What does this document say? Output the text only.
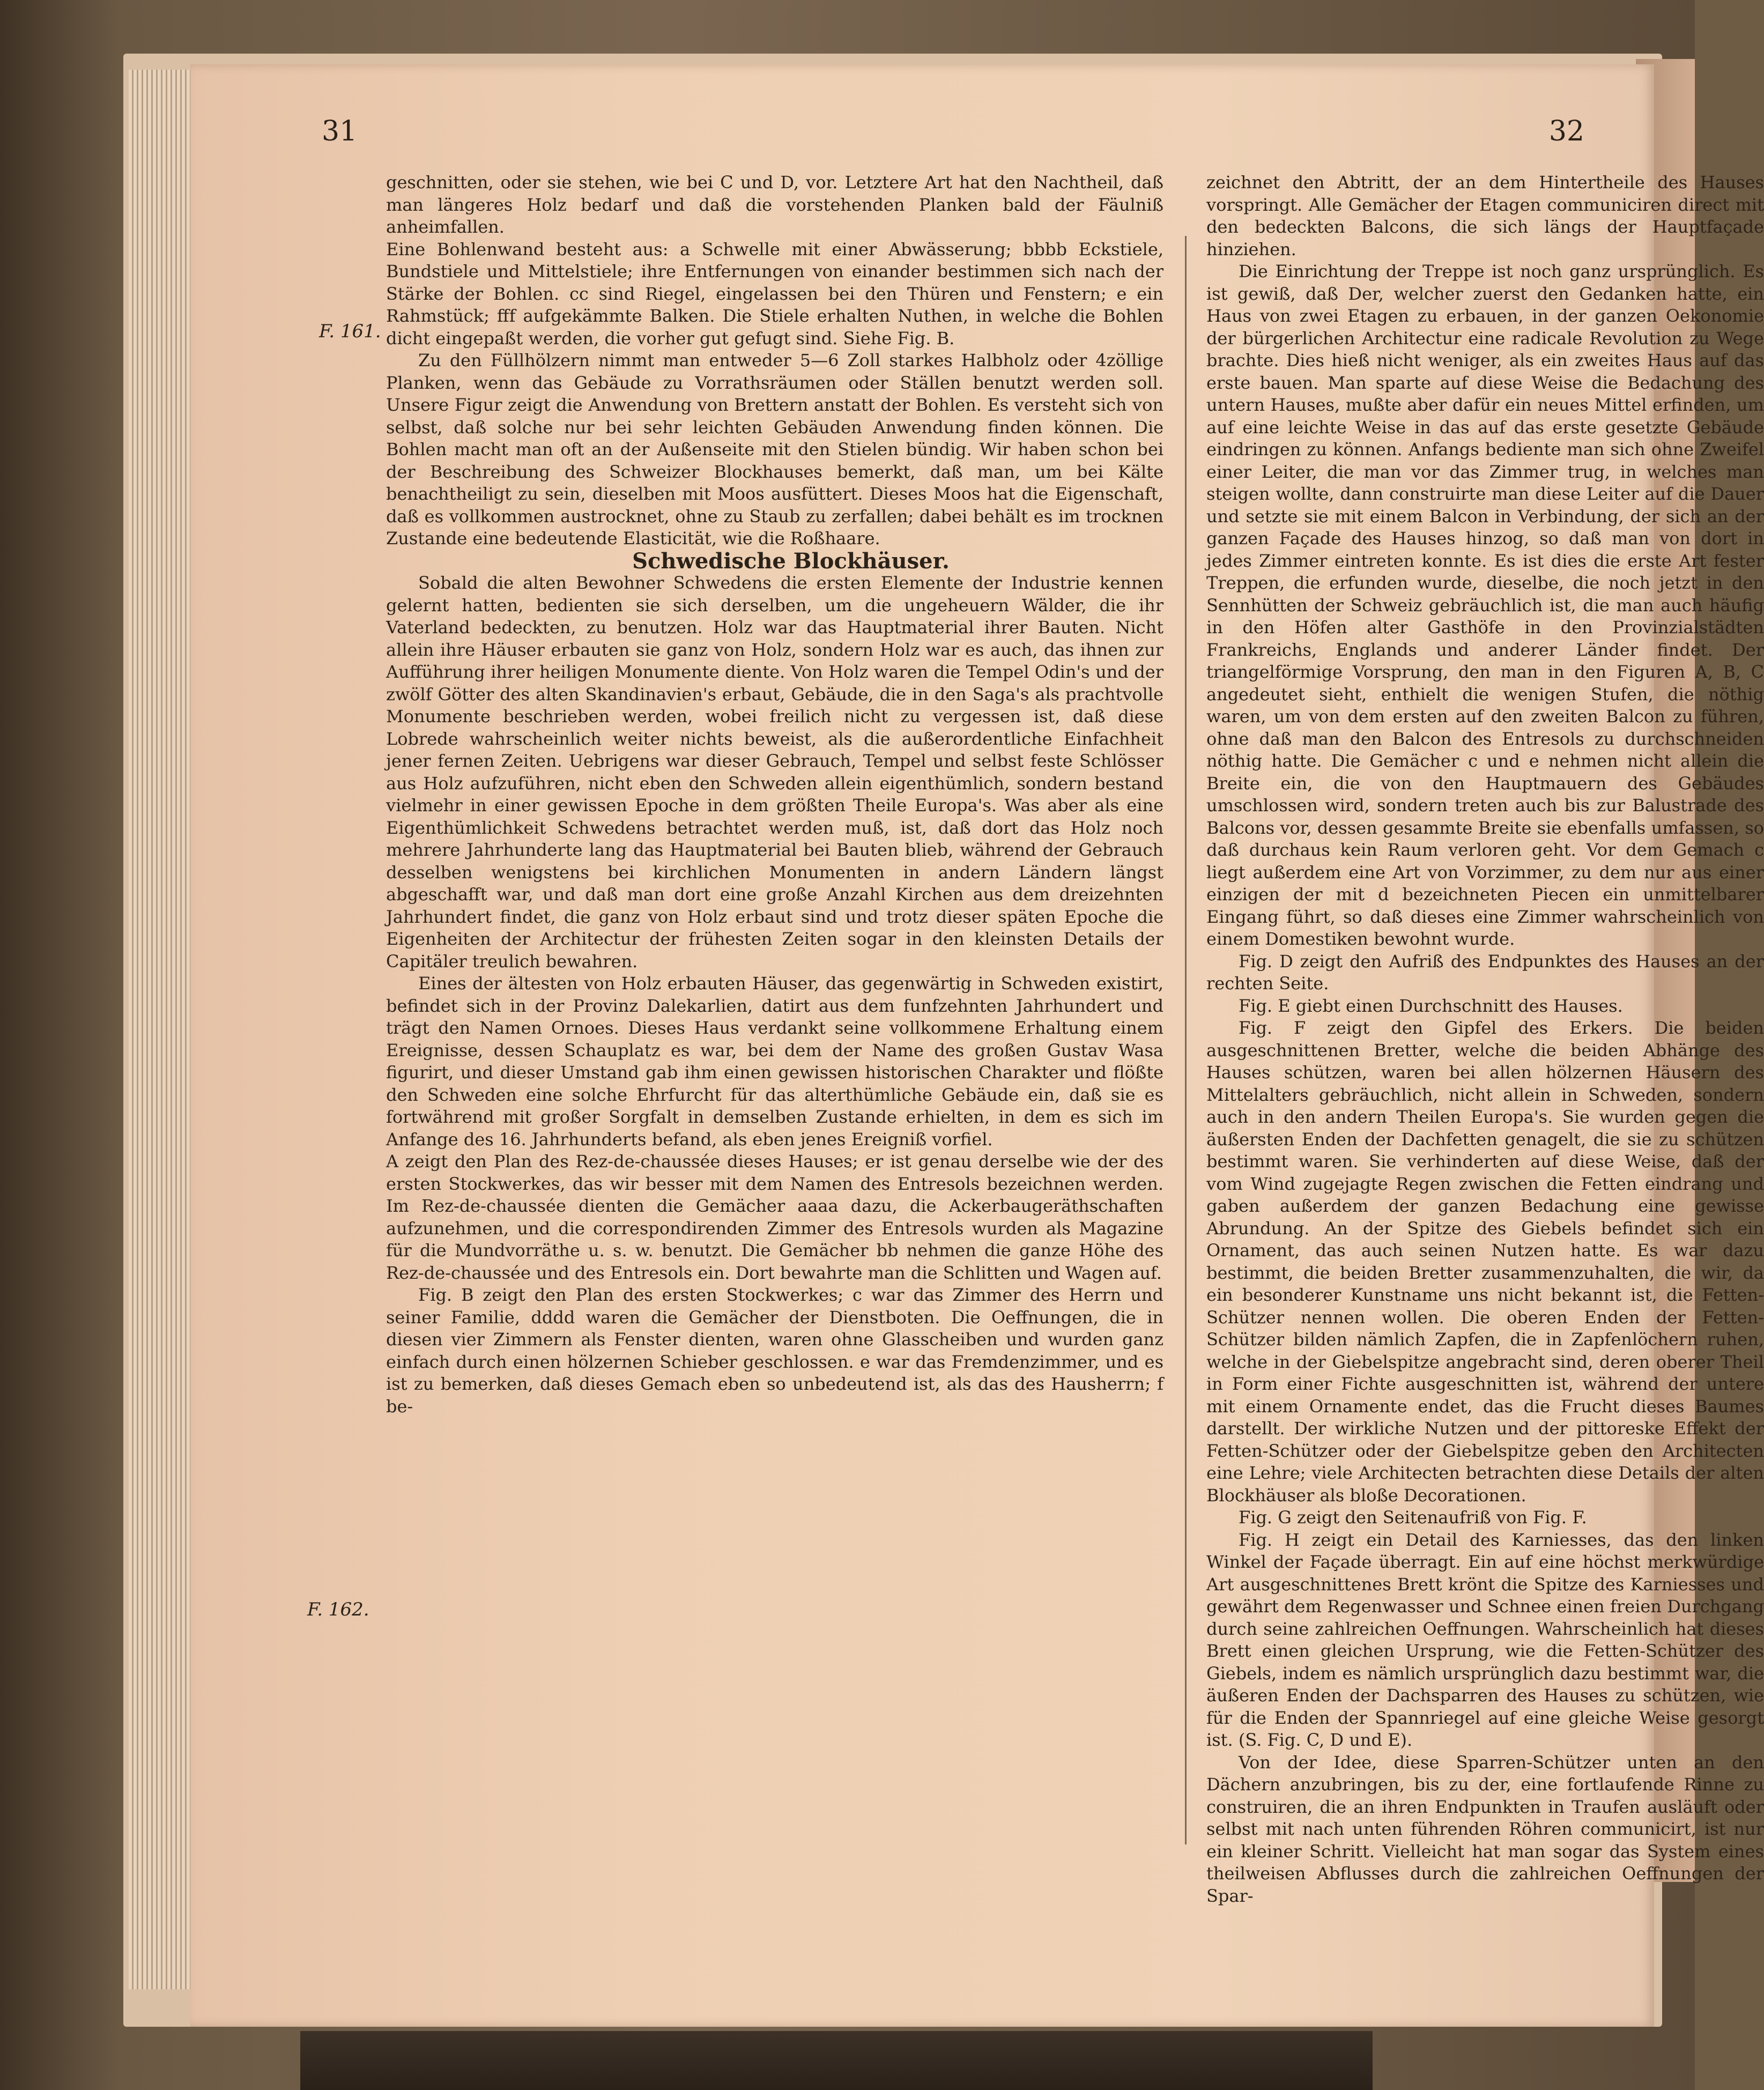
31	32
F. 161.
F. 162.

geschnitten, oder sie stehen, wie bei C und D, vor. Letztere Art hat den Nachtheil, daß man längeres Holz bedarf und daß die vorstehenden Planken bald der Fäulniß anheimfallen.

Eine Bohlenwand besteht aus: a Schwelle mit einer Abwässerung; bbbb Eckstiele, Bundstiele und Mittelstiele; ihre Entfernungen von einander bestimmen sich nach der Stärke der Bohlen. cc sind Riegel, eingelassen bei den Thüren und Fenstern; e ein Rahmstück; fff aufgekämmte Balken. Die Stiele erhalten Nuthen, in welche die Bohlen dicht eingepaßt werden, die vorher gut gefugt sind. Siehe Fig. B.

Zu den Füllhölzern nimmt man entweder 5—6 Zoll starkes Halbholz oder 4zöllige Planken, wenn das Gebäude zu Vorrathsräumen oder Ställen benutzt werden soll. Unsere Figur zeigt die Anwendung von Brettern anstatt der Bohlen. Es versteht sich von selbst, daß solche nur bei sehr leichten Gebäuden Anwendung finden können. Die Bohlen macht man oft an der Außenseite mit den Stielen bündig. Wir haben schon bei der Beschreibung des Schweizer Blockhauses bemerkt, daß man, um bei Kälte benachtheiligt zu sein, dieselben mit Moos ausfüttert. Dieses Moos hat die Eigenschaft, daß es vollkommen austrocknet, ohne zu Staub zu zerfallen; dabei behält es im trocknen Zustande eine bedeutende Elasticität, wie die Roßhaare.

Schwedische Blockhäuser.

Sobald die alten Bewohner Schwedens die ersten Elemente der Industrie kennen gelernt hatten, bedienten sie sich derselben, um die ungeheuern Wälder, die ihr Vaterland bedeckten, zu benutzen. Holz war das Hauptmaterial ihrer Bauten. Nicht allein ihre Häuser erbauten sie ganz von Holz, sondern Holz war es auch, das ihnen zur Aufführung ihrer heiligen Monumente diente. Von Holz waren die Tempel Odin's und der zwölf Götter des alten Skandinavien's erbaut, Gebäude, die in den Saga's als prachtvolle Monumente beschrieben werden, wobei freilich nicht zu vergessen ist, daß diese Lobrede wahrscheinlich weiter nichts beweist, als die außerordentliche Einfachheit jener fernen Zeiten. Uebrigens war dieser Gebrauch, Tempel und selbst feste Schlösser aus Holz aufzuführen, nicht eben den Schweden allein eigenthümlich, sondern bestand vielmehr in einer gewissen Epoche in dem größten Theile Europa's. Was aber als eine Eigenthümlichkeit Schwedens betrachtet werden muß, ist, daß dort das Holz noch mehrere Jahrhunderte lang das Hauptmaterial bei Bauten blieb, während der Gebrauch desselben wenigstens bei kirchlichen Monumenten in andern Ländern längst abgeschafft war, und daß man dort eine große Anzahl Kirchen aus dem dreizehnten Jahrhundert findet, die ganz von Holz erbaut sind und trotz dieser späten Epoche die Eigenheiten der Architectur der frühesten Zeiten sogar in den kleinsten Details der Capitäler treulich bewahren.

Eines der ältesten von Holz erbauten Häuser, das gegenwärtig in Schweden existirt, befindet sich in der Provinz Dalekarlien, datirt aus dem funfzehnten Jahrhundert und trägt den Namen Ornoes. Dieses Haus verdankt seine vollkommene Erhaltung einem Ereignisse, dessen Schauplatz es war, bei dem der Name des großen Gustav Wasa figurirt, und dieser Umstand gab ihm einen gewissen historischen Charakter und flößte den Schweden eine solche Ehrfurcht für das alterthümliche Gebäude ein, daß sie es fortwährend mit großer Sorgfalt in demselben Zustande erhielten, in dem es sich im Anfange des 16. Jahrhunderts befand, als eben jenes Ereigniß vorfiel.

A zeigt den Plan des Rez-de-chaussée dieses Hauses; er ist genau derselbe wie der des ersten Stockwerkes, das wir besser mit dem Namen des Entresols bezeichnen werden. Im Rez-de-chaussée dienten die Gemächer aaaa dazu, die Ackerbaugeräthschaften aufzunehmen, und die correspondirenden Zimmer des Entresols wurden als Magazine für die Mundvorräthe u. s. w. benutzt. Die Gemächer bb nehmen die ganze Höhe des Rez-de-chaussée und des Entresols ein. Dort bewahrte man die Schlitten und Wagen auf.

Fig. B zeigt den Plan des ersten Stockwerkes; c war das Zimmer des Herrn und seiner Familie, dddd waren die Gemächer der Dienstboten. Die Oeffnungen, die in diesen vier Zimmern als Fenster dienten, waren ohne Glasscheiben und wurden ganz einfach durch einen hölzernen Schieber geschlossen. e war das Fremdenzimmer, und es ist zu bemerken, daß dieses Gemach eben so unbedeutend ist, als das des Hausherrn; f be-

zeichnet den Abtritt, der an dem Hintertheile des Hauses vorspringt. Alle Gemächer der Etagen communiciren direct mit den bedeckten Balcons, die sich längs der Hauptfaçade hinziehen.

Die Einrichtung der Treppe ist noch ganz ursprünglich. Es ist gewiß, daß Der, welcher zuerst den Gedanken hatte, ein Haus von zwei Etagen zu erbauen, in der ganzen Oekonomie der bürgerlichen Architectur eine radicale Revolution zu Wege brachte. Dies hieß nicht weniger, als ein zweites Haus auf das erste bauen. Man sparte auf diese Weise die Bedachung des untern Hauses, mußte aber dafür ein neues Mittel erfinden, um auf eine leichte Weise in das auf das erste gesetzte Gebäude eindringen zu können. Anfangs bediente man sich ohne Zweifel einer Leiter, die man vor das Zimmer trug, in welches man steigen wollte, dann construirte man diese Leiter auf die Dauer und setzte sie mit einem Balcon in Verbindung, der sich an der ganzen Façade des Hauses hinzog, so daß man von dort in jedes Zimmer eintreten konnte. Es ist dies die erste Art fester Treppen, die erfunden wurde, dieselbe, die noch jetzt in den Sennhütten der Schweiz gebräuchlich ist, die man auch häufig in den Höfen alter Gasthöfe in den Provinzialstädten Frankreichs, Englands und anderer Länder findet. Der triangelförmige Vorsprung, den man in den Figuren A, B, C angedeutet sieht, enthielt die wenigen Stufen, die nöthig waren, um von dem ersten auf den zweiten Balcon zu führen, ohne daß man den Balcon des Entresols zu durchschneiden nöthig hatte. Die Gemächer c und e nehmen nicht allein die Breite ein, die von den Hauptmauern des Gebäudes umschlossen wird, sondern treten auch bis zur Balustrade des Balcons vor, dessen gesammte Breite sie ebenfalls umfassen, so daß durchaus kein Raum verloren geht. Vor dem Gemach c liegt außerdem eine Art von Vorzimmer, zu dem nur aus einer einzigen der mit d bezeichneten Piecen ein unmittelbarer Eingang führt, so daß dieses eine Zimmer wahrscheinlich von einem Domestiken bewohnt wurde.

Fig. D zeigt den Aufriß des Endpunktes des Hauses an der rechten Seite.

Fig. E giebt einen Durchschnitt des Hauses.

Fig. F zeigt den Gipfel des Erkers. Die beiden ausgeschnittenen Bretter, welche die beiden Abhänge des Hauses schützen, waren bei allen hölzernen Häusern des Mittelalters gebräuchlich, nicht allein in Schweden, sondern auch in den andern Theilen Europa's. Sie wurden gegen die äußersten Enden der Dachfetten genagelt, die sie zu schützen bestimmt waren. Sie verhinderten auf diese Weise, daß der vom Wind zugejagte Regen zwischen die Fetten eindrang und gaben außerdem der ganzen Bedachung eine gewisse Abrundung. An der Spitze des Giebels befindet sich ein Ornament, das auch seinen Nutzen hatte. Es war dazu bestimmt, die beiden Bretter zusammenzuhalten, die wir, da ein besonderer Kunstname uns nicht bekannt ist, die Fetten-Schützer nennen wollen. Die oberen Enden der Fetten-Schützer bilden nämlich Zapfen, die in Zapfenlöchern ruhen, welche in der Giebelspitze angebracht sind, deren oberer Theil in Form einer Fichte ausgeschnitten ist, während der untere mit einem Ornamente endet, das die Frucht dieses Baumes darstellt. Der wirkliche Nutzen und der pittoreske Effekt der Fetten-Schützer oder der Giebelspitze geben den Architecten eine Lehre; viele Architecten betrachten diese Details der alten Blockhäuser als bloße Decorationen.

Fig. G zeigt den Seitenaufriß von Fig. F.

Fig. H zeigt ein Detail des Karniesses, das den linken Winkel der Façade überragt. Ein auf eine höchst merkwürdige Art ausgeschnittenes Brett krönt die Spitze des Karniesses und gewährt dem Regenwasser und Schnee einen freien Durchgang durch seine zahlreichen Oeffnungen. Wahrscheinlich hat dieses Brett einen gleichen Ursprung, wie die Fetten-Schützer des Giebels, indem es nämlich ursprünglich dazu bestimmt war, die äußeren Enden der Dachsparren des Hauses zu schützen, wie für die Enden der Spannriegel auf eine gleiche Weise gesorgt ist. (S. Fig. C, D und E).

Von der Idee, diese Sparren-Schützer unten an den Dächern anzubringen, bis zu der, eine fortlaufende Rinne zu construiren, die an ihren Endpunkten in Traufen ausläuft oder selbst mit nach unten führenden Röhren communicirt, ist nur ein kleiner Schritt. Vielleicht hat man sogar das System eines theilweisen Abflusses durch die zahlreichen Oeffnungen der Spar-
